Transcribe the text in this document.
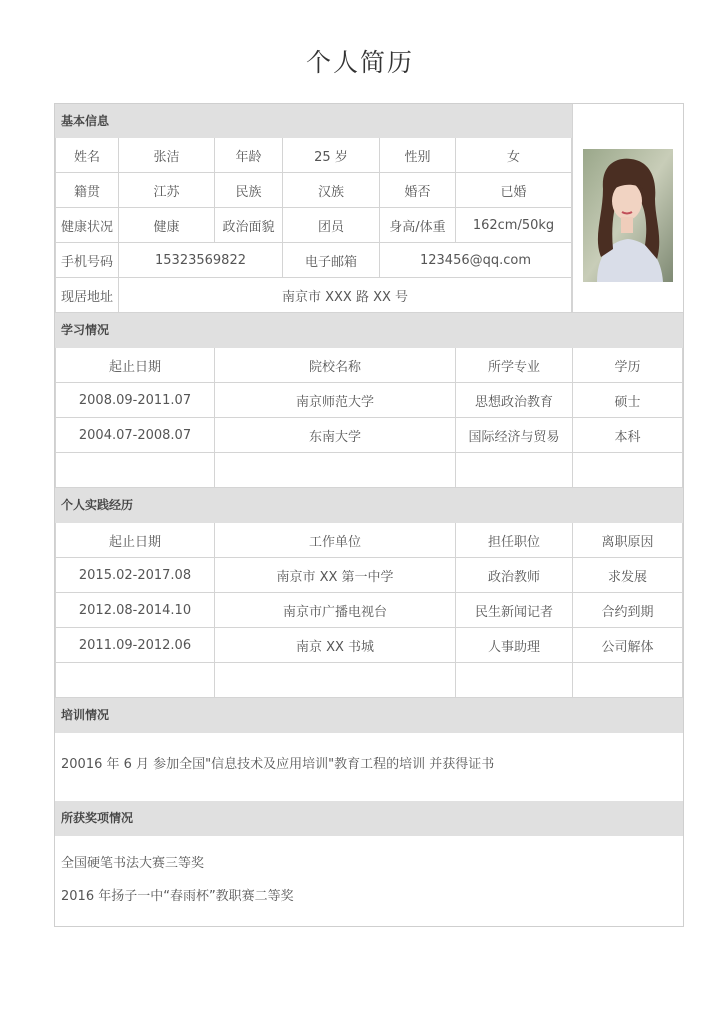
个人简历
基本信息
姓名	张洁	年龄	25 岁	性别	女
籍贯	江苏	民族	汉族	婚否	已婚
健康状况	健康	政治面貌	团员	身高/体重	162cm/50kg
手机号码	15323569822	电子邮箱	123456@qq.com
现居地址	南京市 XXX 路 XX 号
学习情况
起止日期	院校名称	所学专业	学历
2008.09-2011.07	南京师范大学	思想政治教育	硕士
2004.07-2008.07	东南大学	国际经济与贸易	本科
个人实践经历
起止日期	工作单位	担任职位	离职原因
2015.02-2017.08	南京市 XX 第一中学	政治教师	求发展
2012.08-2014.10	南京市广播电视台	民生新闻记者	合约到期
2011.09-2012.06	南京 XX 书城	人事助理	公司解体
培训情况
20016 年 6 月 参加全国"信息技术及应用培训"教育工程的培训 并获得证书
所获奖项情况
全国硬笔书法大赛三等奖
2016 年扬子一中“春雨杯”教职赛二等奖
